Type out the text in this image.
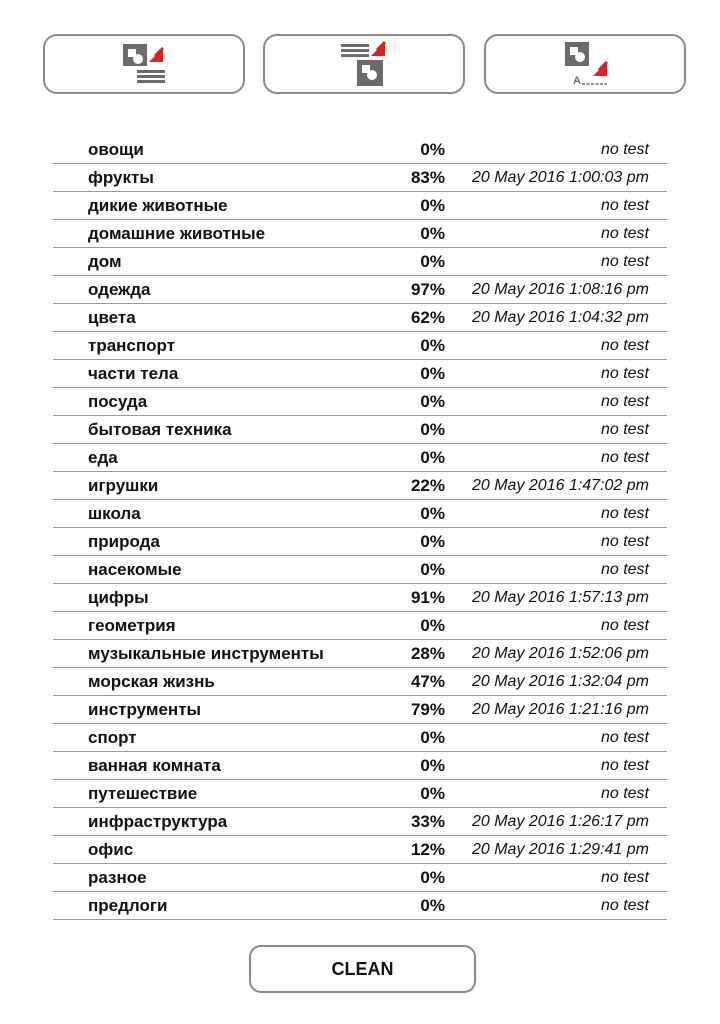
A
овощи	0%	no test
фрукты	83%	20 May 2016 1:00:03 pm
дикие животные	0%	no test
домашние животные	0%	no test
дом	0%	no test
одежда	97%	20 May 2016 1:08:16 pm
цвета	62%	20 May 2016 1:04:32 pm
транспорт	0%	no test
части тела	0%	no test
посуда	0%	no test
бытовая техника	0%	no test
еда	0%	no test
игрушки	22%	20 May 2016 1:47:02 pm
школа	0%	no test
природа	0%	no test
насекомые	0%	no test
цифры	91%	20 May 2016 1:57:13 pm
геометрия	0%	no test
музыкальные инструменты	28%	20 May 2016 1:52:06 pm
морская жизнь	47%	20 May 2016 1:32:04 pm
инструменты	79%	20 May 2016 1:21:16 pm
спорт	0%	no test
ванная комната	0%	no test
путешествие	0%	no test
инфраструктура	33%	20 May 2016 1:26:17 pm
офис	12%	20 May 2016 1:29:41 pm
разное	0%	no test
предлоги	0%	no test
CLEAN
